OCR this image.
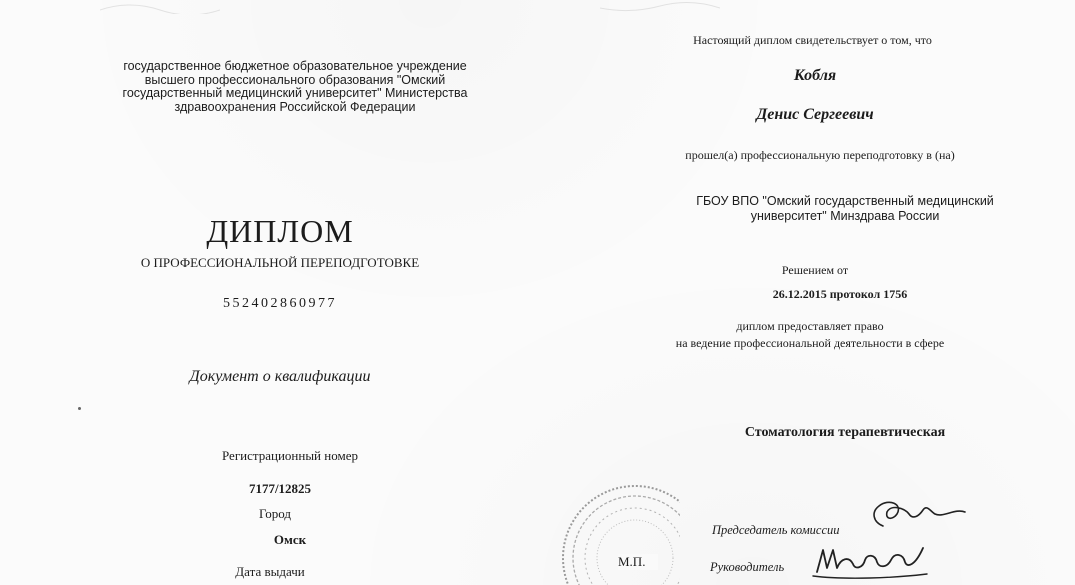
государственное бюджетное образовательное учреждение
высшего профессионального образования "Омский
государственный медицинский университет" Министерства
здравоохранения Российской Федерации
ДИПЛОМ
О ПРОФЕССИОНАЛЬНОЙ ПЕРЕПОДГОТОВКЕ
552402860977
Документ о квалификации
Регистрационный номер
7177/12825
Город
Омск
Дата выдачи
Настоящий диплом свидетельствует о том, что
Кобля
Денис Сергеевич
прошел(а) профессиональную переподготовку в (на)
ГБОУ ВПО "Омский государственный медицинский
университет" Минздрава России
Решением от
26.12.2015 протокол 1756
диплом предоставляет право
на ведение профессиональной деятельности в сфере
Стоматология терапевтическая
М.П.
Председатель комиссии
Руководитель
